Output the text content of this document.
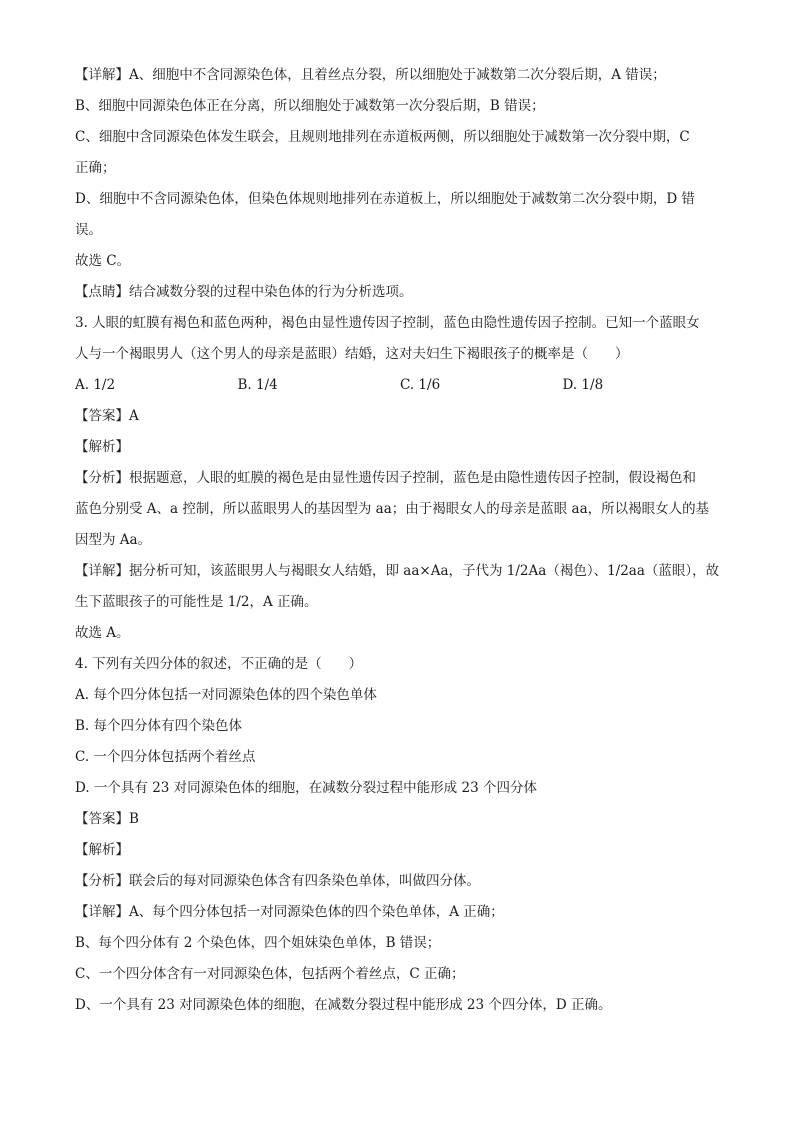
【详解】A、细胞中不含同源染色体，且着丝点分裂，所以细胞处于减数第二次分裂后期，A 错误；
B、细胞中同源染色体正在分离，所以细胞处于减数第一次分裂后期，B 错误；
C、细胞中含同源染色体发生联会，且规则地排列在赤道板两侧，所以细胞处于减数第一次分裂中期，C
正确；
D、细胞中不含同源染色体，但染色体规则地排列在赤道板上，所以细胞处于减数第二次分裂中期，D 错
误。
故选 C。
【点睛】结合减数分裂的过程中染色体的行为分析选项。
3. 人眼的虹膜有褐色和蓝色两种，褐色由显性遗传因子控制，蓝色由隐性遗传因子控制。已知一个蓝眼女
人与一个褐眼男人（这个男人的母亲是蓝眼）结婚，这对夫妇生下褐眼孩子的概率是（　　）
A. 1/2	B. 1/4	C. 1/6	D. 1/8
【答案】A
【解析】
【分析】根据题意，人眼的虹膜的褐色是由显性遗传因子控制，蓝色是由隐性遗传因子控制，假设褐色和
蓝色分别受 A、a 控制，所以蓝眼男人的基因型为 aa；由于褐眼女人的母亲是蓝眼 aa，所以褐眼女人的基
因型为 Aa。
【详解】据分析可知，该蓝眼男人与褐眼女人结婚，即 aa×Aa，子代为 1/2Aa（褐色）、1/2aa（蓝眼），故
生下蓝眼孩子的可能性是 1/2，A 正确。
故选 A。
4. 下列有关四分体的叙述，不正确的是（　　）
A. 每个四分体包括一对同源染色体的四个染色单体
B. 每个四分体有四个染色体
C. 一个四分体包括两个着丝点
D. 一个具有 23 对同源染色体的细胞，在减数分裂过程中能形成 23 个四分体
【答案】B
【解析】
【分析】联会后的每对同源染色体含有四条染色单体，叫做四分体。
【详解】A、每个四分体包括一对同源染色体的四个染色单体，A 正确；
B、每个四分体有 2 个染色体，四个姐妹染色单体，B 错误；
C、一个四分体含有一对同源染色体，包括两个着丝点，C 正确；
D、一个具有 23 对同源染色体的细胞，在减数分裂过程中能形成 23 个四分体，D 正确。
